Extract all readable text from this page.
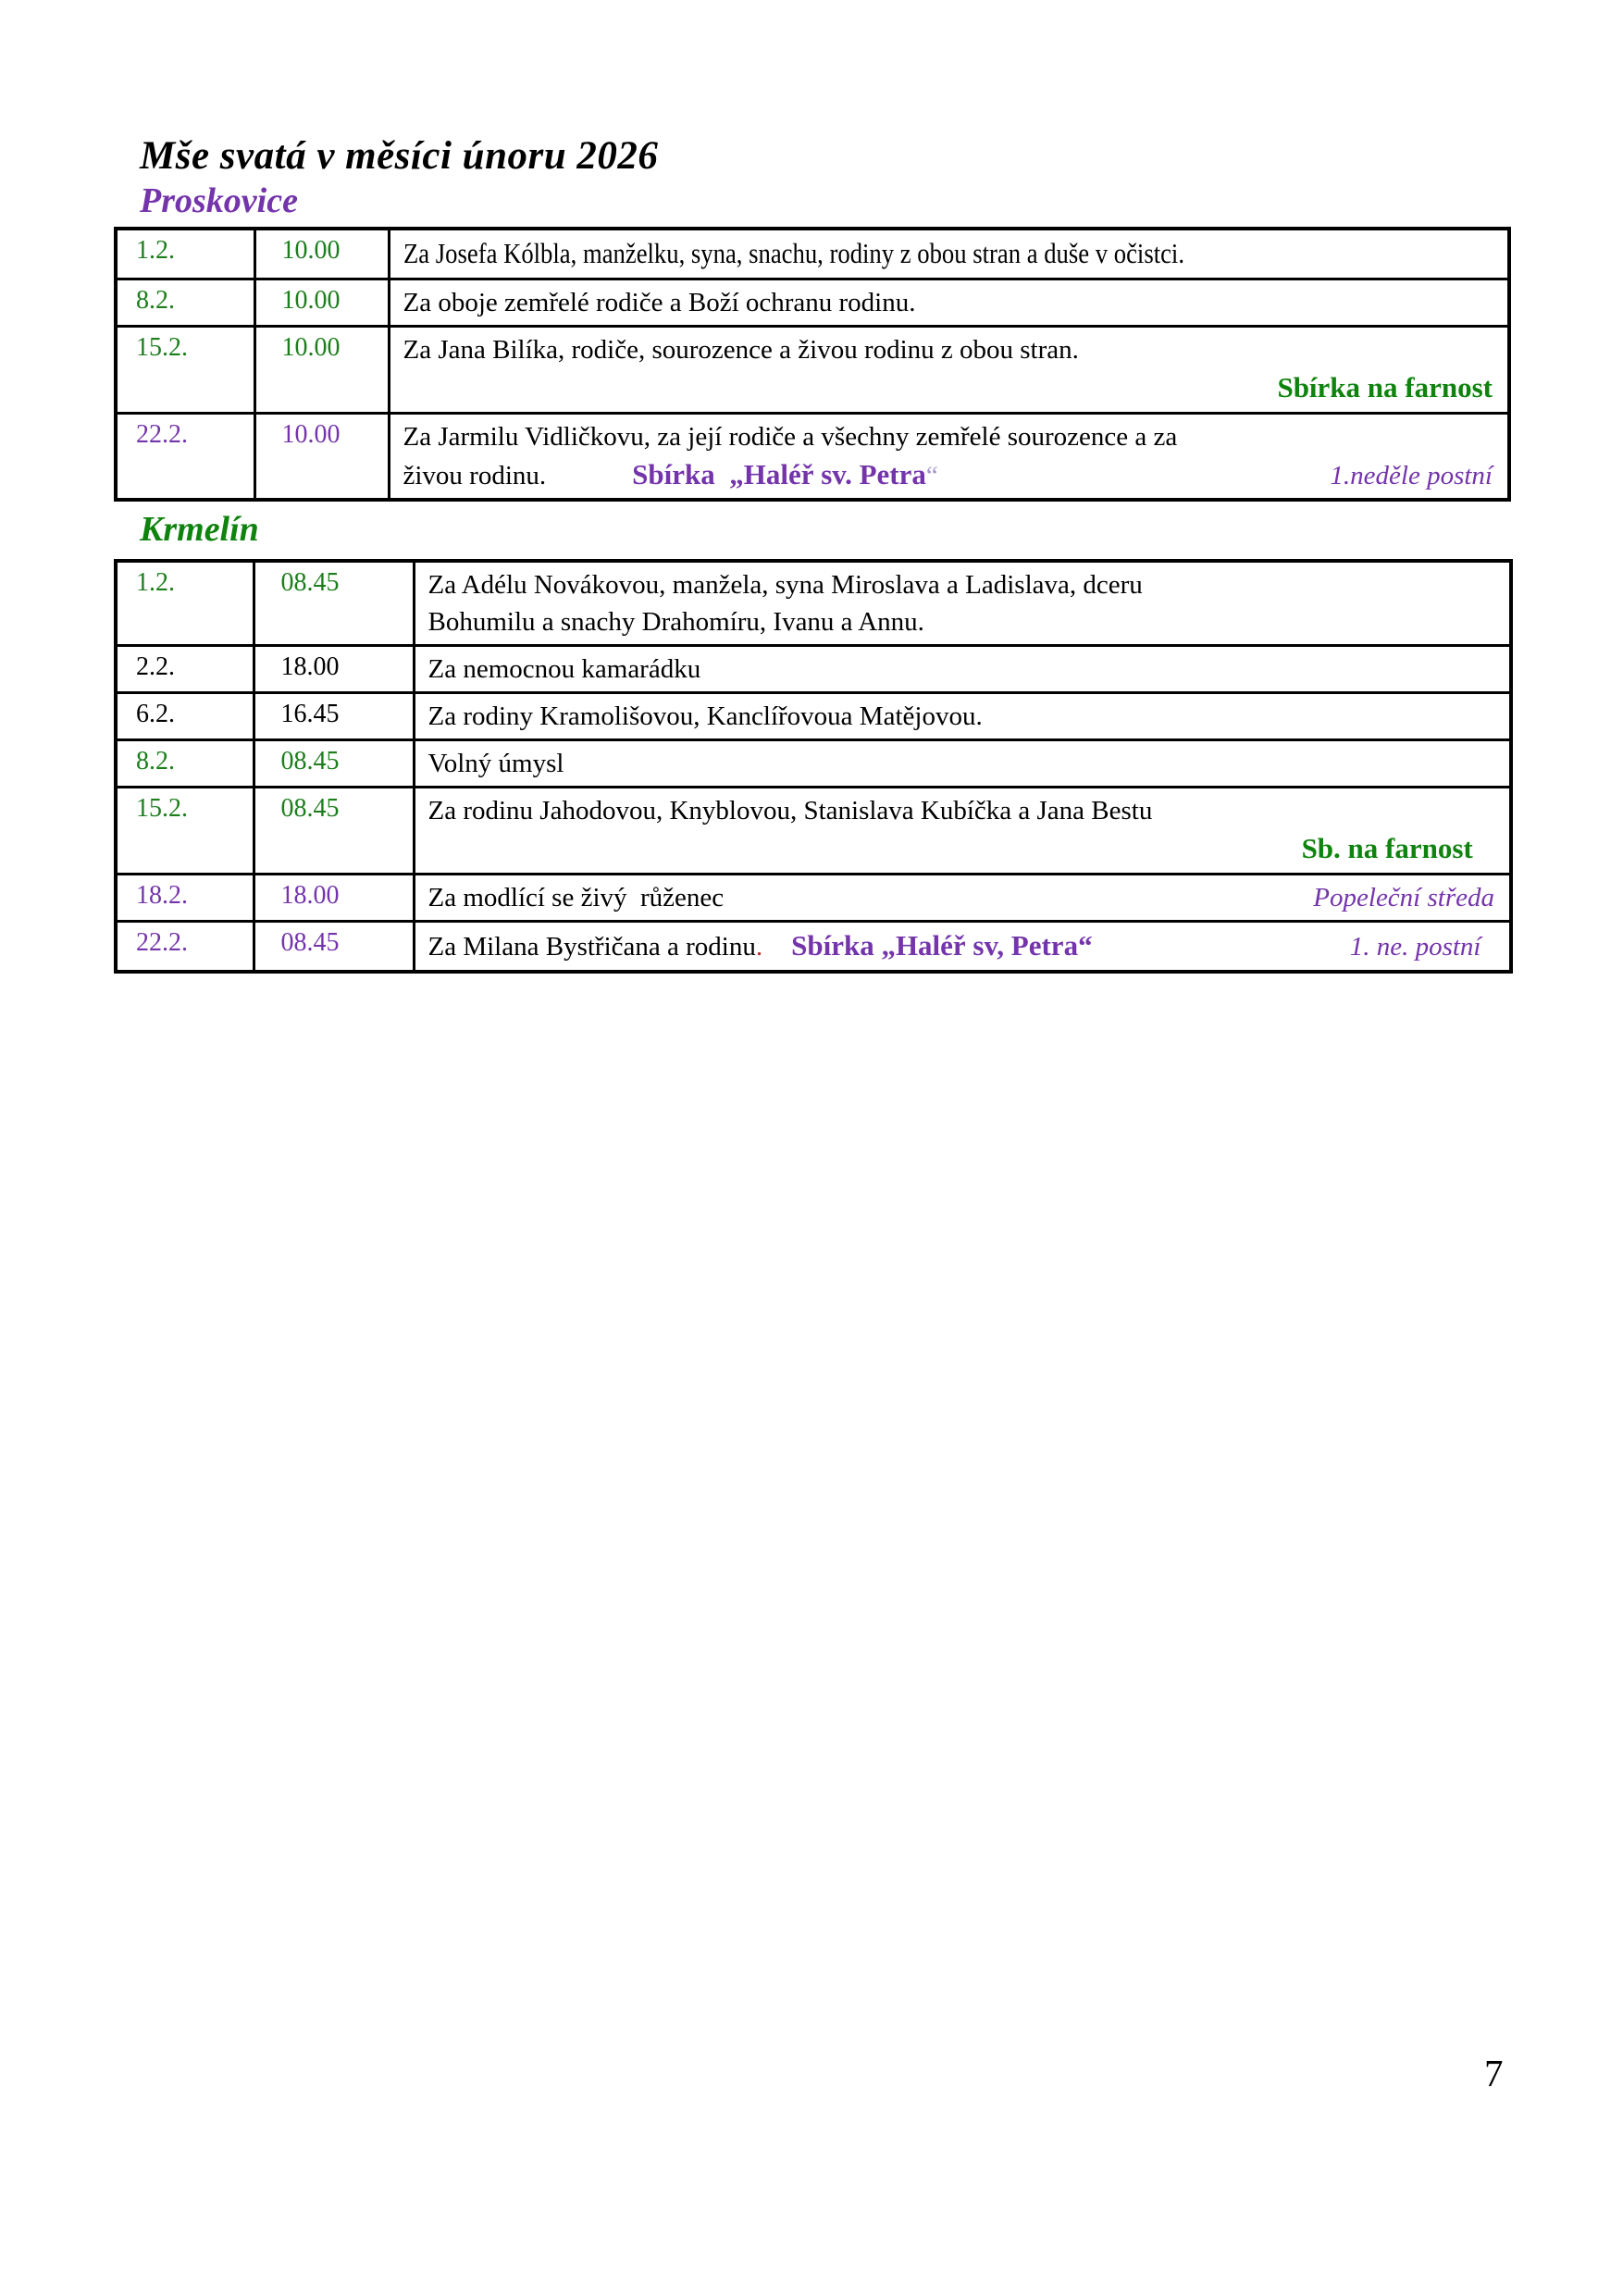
Mše svatá v měsíci únoru 2026
Proskovice
1.2.	10.00	Za Josefa Kólbla, manželku, syna, snachu, rodiny z obou stran a duše v očistci.

8.2.	10.00	Za oboje zemřelé rodiče a Boží ochranu rodinu.

15.2.	10.00	Za Jana Bilíka, rodiče, sourozence a živou rodinu z obou stran.
Sbírka na farnost

22.2.	10.00	Za Jarmilu Vidličkovu, za její rodiče a všechny zemřelé sourozence a za
živou rodinu. Sbírka  „Haléř sv. Petra “ 1.neděle postní
Krmelín
1.2.	08.45	Za Adélu Novákovou, manžela, syna Miroslava a Ladislava, dceru
Bohumilu a snachy Drahomíru, Ivanu a Annu.

2.2.	18.00	Za nemocnou kamarádku

6.2.	16.45	Za rodiny Kramolišovou, Kanclířovoua Matějovou.

8.2.	08.45	Volný úmysl

15.2.	08.45	Za rodinu Jahodovou, Knyblovou, Stanislava Kubíčka a Jana Bestu
Sb. na farnost

18.2.	18.00	Za modlící se živý  růženec Popeleční středa

22.2.	08.45	Za Milana Bystřičana a rodinu . Sbírka „Haléř sv, Petra“ 1. ne. postní
7
